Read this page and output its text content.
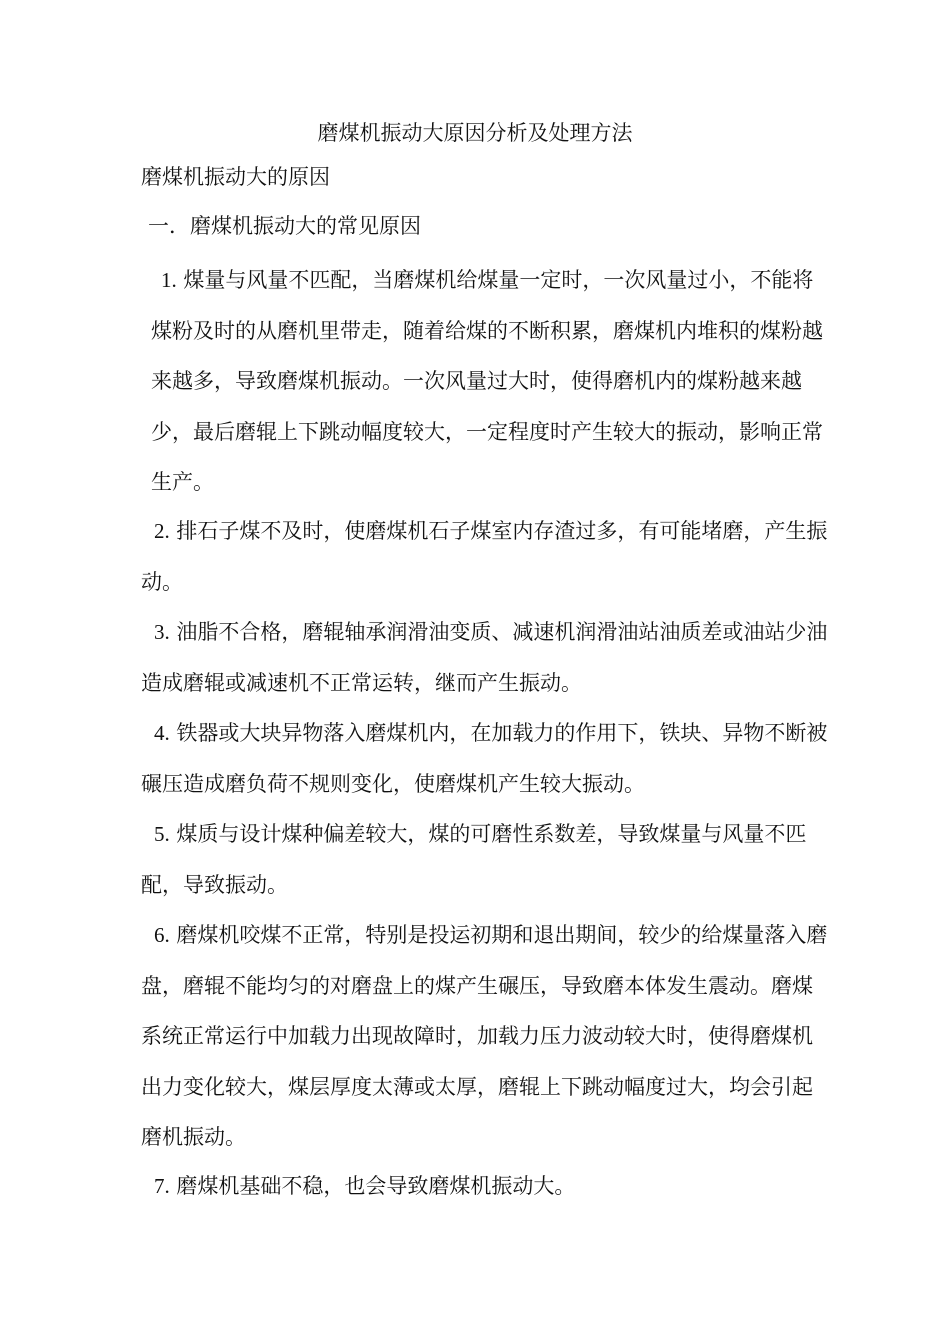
磨煤机振动大原因分析及处理方法
磨煤机振动大的原因
一．磨煤机振动大的常见原因

1. 煤量与风量不匹配，当磨煤机给煤量一定时，一次风量过小，不能将煤粉及时的从磨机里带走，随着给煤的不断积累，磨煤机内堆积的煤粉越来越多，导致磨煤机振动。一次风量过大时，使得磨机内的煤粉越来越少，最后磨辊上下跳动幅度较大，一定程度时产生较大的振动，影响正常生产。

2. 排石子煤不及时，使磨煤机石子煤室内存渣过多，有可能堵磨，产生振动。

3. 油脂不合格，磨辊轴承润滑油变质、减速机润滑油站油质差或油站少油造成磨辊或减速机不正常运转，继而产生振动。

4. 铁器或大块异物落入磨煤机内，在加载力的作用下，铁块、异物不断被碾压造成磨负荷不规则变化，使磨煤机产生较大振动。

5. 煤质与设计煤种偏差较大，煤的可磨性系数差，导致煤量与风量不匹配，导致振动。

6. 磨煤机咬煤不正常，特别是投运初期和退出期间，较少的给煤量落入磨盘，磨辊不能均匀的对磨盘上的煤产生碾压，导致磨本体发生震动。磨煤系统正常运行中加载力出现故障时，加载力压力波动较大时，使得磨煤机出力变化较大，煤层厚度太薄或太厚，磨辊上下跳动幅度过大，均会引起磨机振动。

7. 磨煤机基础不稳，也会导致磨煤机振动大。
